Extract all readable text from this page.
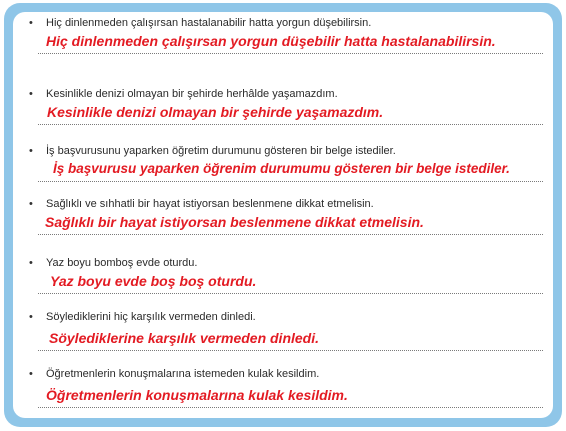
• Hiç dinlenmeden çalışırsan hastalanabilir hatta yorgun düşebilirsin.
Hiç dinlenmeden çalışırsan yorgun düşebilir hatta hastalanabilirsin.
• Kesinlikle denizi olmayan bir şehirde herhâlde yaşamazdım.
Kesinlikle denizi olmayan bir şehirde yaşamazdım.
• İş başvurusunu yaparken öğretim durumunu gösteren bir belge istediler.
İş başvurusu yaparken öğrenim durumumu gösteren bir belge istediler.
• Sağlıklı ve sıhhatli bir hayat istiyorsan beslenmene dikkat etmelisin.
Sağlıklı bir hayat istiyorsan beslenmene dikkat etmelisin.
• Yaz boyu bomboş evde oturdu.
Yaz boyu evde boş boş oturdu.
• Söylediklerini hiç karşılık vermeden dinledi.
Söylediklerine karşılık vermeden dinledi.
• Öğretmenlerin konuşmalarına istemeden kulak kesildim.
Öğretmenlerin konuşmalarına kulak kesildim.
